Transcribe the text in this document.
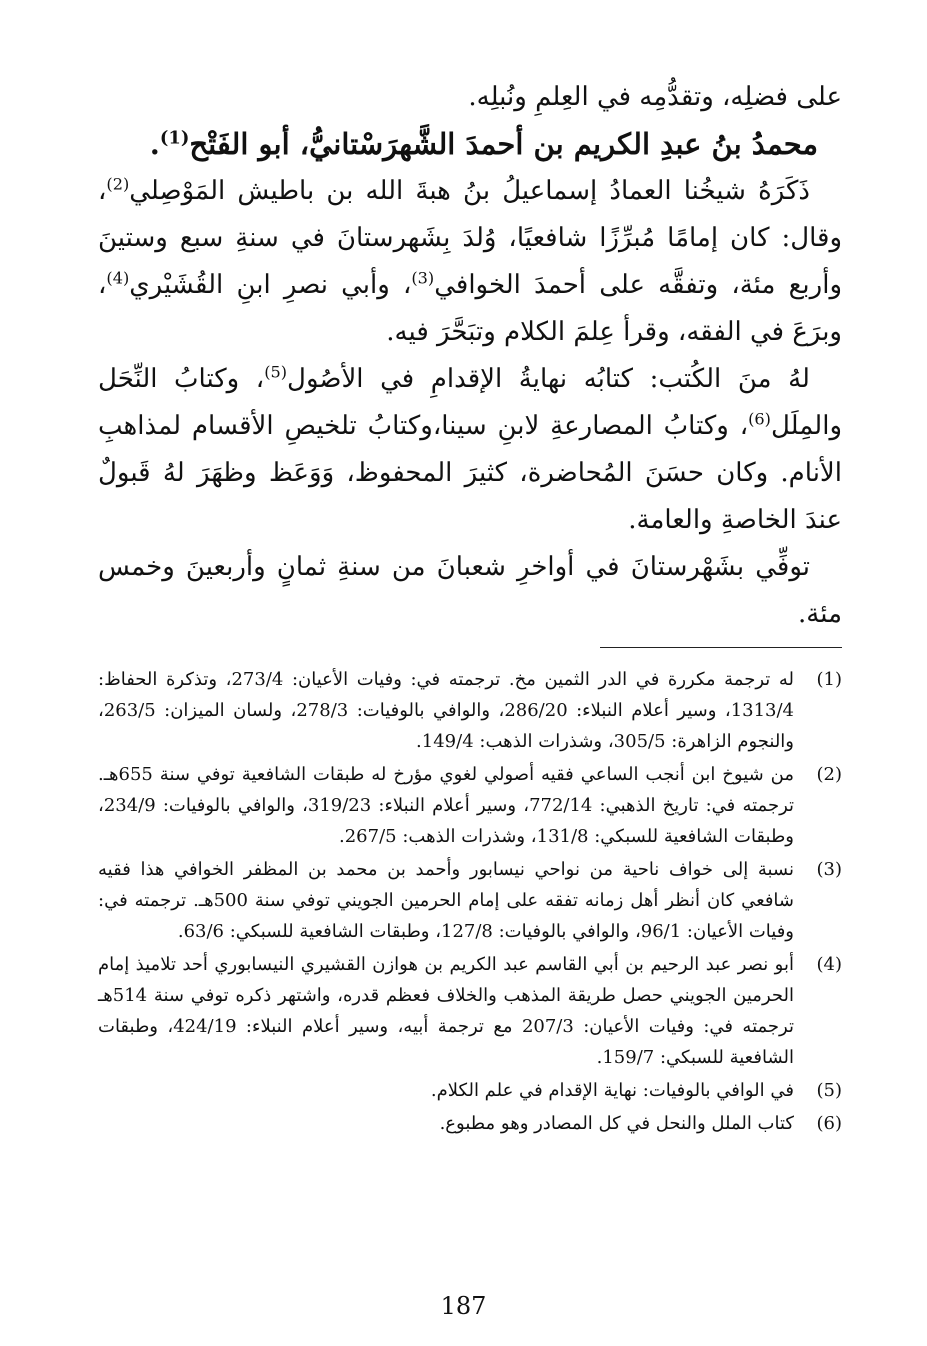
على فضلِه، وتقدُّمِه في العِلمِ ونُبلِه.

محمدُ بنُ عبدِ الكريم بن أحمدَ الشَّهرَسْتانيُّ، أبو الفَتْح$^{(1)}$.

ذَكَرَهُ شيخُنا العمادُ إسماعيلُ بنُ هبةَ الله بن باطيش المَوْصِلي$^{(2)}$، وقال: كان إمامًا مُبرِّزًا شافعيًا، وُلدَ بِشَهرستانَ في سنةِ سبع وستينَ وأربع مئة، وتفقَّه على أحمدَ الخوافي$^{(3)}$، وأبي نصرِ ابنِ القُشَيْري$^{(4)}$، وبرَعَ في الفقه، وقرأ عِلمَ الكلام وتبَحَّرَ فيه.

لهُ منَ الكُتب: كتابُه نهايةُ الإقدامِ في الأصُول$^{(5)}$، وكتابُ النِّحَل والمِلَل$^{(6)}$، وكتابُ المصارعةِ لابنِ سينا،وكتابُ تلخيصِ الأقسام لمذاهبِ الأنام. وكان حسَنَ المُحاضرة، كثيرَ المحفوظ، وَوَعَظ وظهَرَ لهُ قَبولٌ عندَ الخاصةِ والعامة.

توفِّي بشَهْرستانَ في أواخرِ شعبانَ من سنةِ ثمانٍ وأربعينَ وخمس مئة.

(1)
له ترجمة مكررة في الدر الثمين مخ. ترجمته في: وفيات الأعيان: 273/4، وتذكرة الحفاظ: 1313/4، وسير أعلام النبلاء: 286/20، والوافي بالوفيات: 278/3، ولسان الميزان: 263/5، والنجوم الزاهرة: 305/5، وشذرات الذهب: 149/4.
(2)
من شيوخ ابن أنجب الساعي فقيه أصولي لغوي مؤرخ له طبقات الشافعية توفي سنة 655هـ. ترجمته في: تاريخ الذهبي: 772/14، وسير أعلام النبلاء: 319/23، والوافي بالوفيات: 234/9، وطبقات الشافعية للسبكي: 131/8، وشذرات الذهب: 267/5.
(3)
نسبة إلى خواف ناحية من نواحي نيسابور وأحمد بن محمد بن المظفر الخوافي هذا فقيه شافعي كان أنظر أهل زمانه تفقه على إمام الحرمين الجويني توفي سنة 500هـ. ترجمته في: وفيات الأعيان: 96/1، والوافي بالوفيات: 127/8، وطبقات الشافعية للسبكي: 63/6.
(4)
أبو نصر عبد الرحيم بن أبي القاسم عبد الكريم بن هوازن القشيري النيسابوري أحد تلاميذ إمام الحرمين الجويني حصل طريقة المذهب والخلاف فعظم قدره، واشتهر ذكره توفي سنة 514هـ ترجمته في: وفيات الأعيان: 207/3 مع ترجمة أبيه، وسير أعلام النبلاء: 424/19، وطبقات الشافعية للسبكي: 159/7.
(5)
في الوافي بالوفيات: نهاية الإقدام في علم الكلام.
(6)
كتاب الملل والنحل في كل المصادر وهو مطبوع.
187
